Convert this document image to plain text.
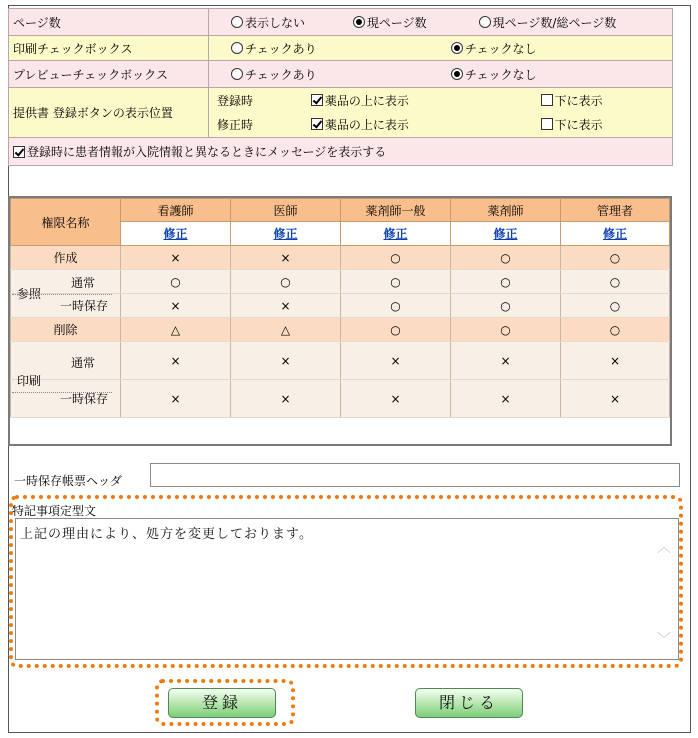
ページ数	表示しない 現ページ数 現ページ数/総ページ数
印刷チェックボックス	チェックあり チェックなし
プレビューチェックボックス	チェックあり チェックなし
提供書 登録ボタンの表示位置	登録時 薬品の上に表示 下に表示
修正時 薬品の上に表示 下に表示

登録時に患者情報が入院情報と異なるときにメッセージを表示する	
権限名称	看護師	医師	薬剤師一般	薬剤師	管理者
	修正	修正	修正	修正	修正
作成	×	×	○	○	○

参照
通常	○	○	○	○	○
一時保存	×	×	○	○	○
削除	△	△	○	○	○

印刷
通常	×	×	×	×	×
一時保存	×	×	×	×	×
一時保存帳票ヘッダ
特記事項定型文
上記の理由により、処方を変更しております。
︿
﹀
登録	閉じる
